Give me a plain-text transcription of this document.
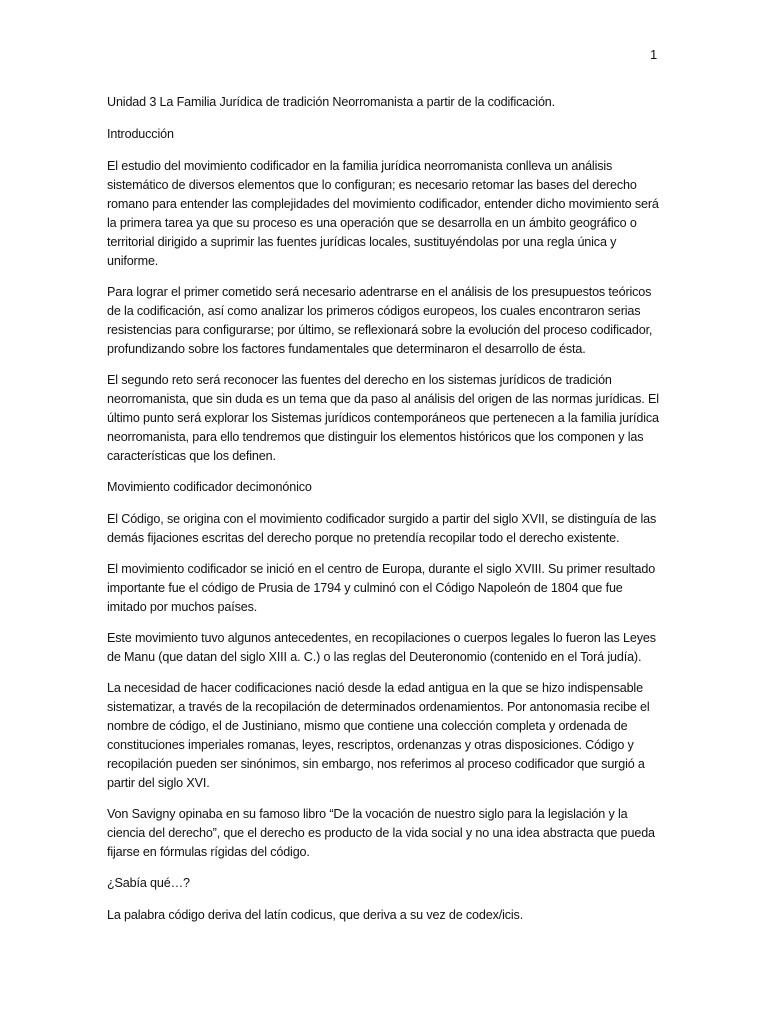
1

Unidad 3 La Familia Jurídica de tradición Neorromanista a partir de la codificación.

Introducción

El estudio del movimiento codificador en la familia jurídica neorromanista conlleva un análisis sistemático de diversos elementos que lo configuran; es necesario retomar las bases del derecho romano para entender las complejidades del movimiento codificador, entender dicho movimiento será la primera tarea ya que su proceso es una operación que se desarrolla en un ámbito geográfico o territorial dirigido a suprimir las fuentes jurídicas locales, sustituyéndolas por una regla única y uniforme.

Para lograr el primer cometido será necesario adentrarse en el análisis de los presupuestos teóricos de la codificación, así como analizar los primeros códigos europeos, los cuales encontraron serias resistencias para configurarse; por último, se reflexionará sobre la evolución del proceso codificador, profundizando sobre los factores fundamentales que determinaron el desarrollo de ésta.

El segundo reto será reconocer las fuentes del derecho en los sistemas jurídicos de tradición neorromanista, que sin duda es un tema que da paso al análisis del origen de las normas jurídicas. El último punto será explorar los Sistemas jurídicos contemporáneos que pertenecen a la familia jurídica neorromanista, para ello tendremos que distinguir los elementos históricos que los componen y las características que los definen.

Movimiento codificador decimonónico

El Código, se origina con el movimiento codificador surgido a partir del siglo XVII, se distinguía de las demás fijaciones escritas del derecho porque no pretendía recopilar todo el derecho existente.

El movimiento codificador se inició en el centro de Europa, durante el siglo XVIII. Su primer resultado importante fue el código de Prusia de 1794 y culminó con el Código Napoleón de 1804 que fue imitado por muchos países.

Este movimiento tuvo algunos antecedentes, en recopilaciones o cuerpos legales lo fueron las Leyes de Manu (que datan del siglo XIII a. C.) o las reglas del Deuteronomio (contenido en el Torá judía).

La necesidad de hacer codificaciones nació desde la edad antigua en la que se hizo indispensable sistematizar, a través de la recopilación de determinados ordenamientos. Por antonomasia recibe el nombre de código, el de Justiniano, mismo que contiene una colección completa y ordenada de constituciones imperiales romanas, leyes, rescriptos, ordenanzas y otras disposiciones. Código y recopilación pueden ser sinónimos, sin embargo, nos referimos al proceso codificador que surgió a partir del siglo XVI.

Von Savigny opinaba en su famoso libro “De la vocación de nuestro siglo para la legislación y la ciencia del derecho”, que el derecho es producto de la vida social y no una idea abstracta que pueda fijarse en fórmulas rígidas del código.

¿Sabía qué…?

La palabra código deriva del latín codicus, que deriva a su vez de codex/icis.
